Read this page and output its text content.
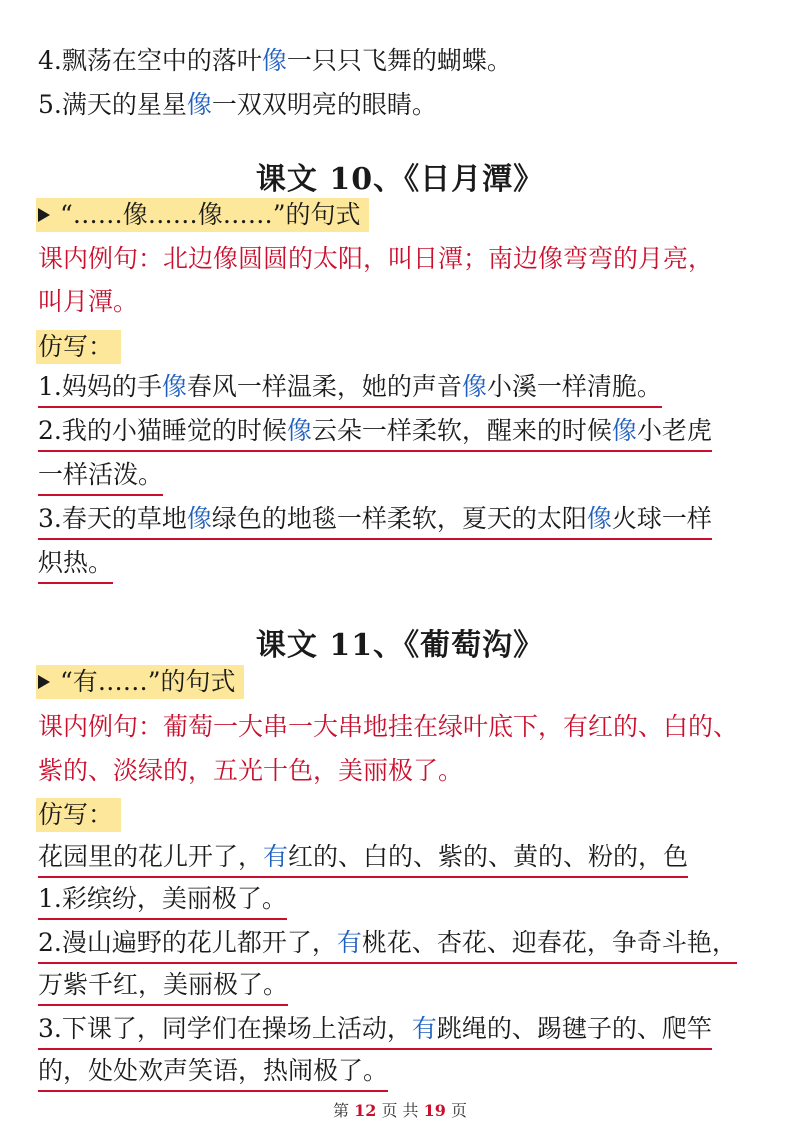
4.飘荡在空中的落叶像一只只飞舞的蝴蝶。
5.满天的星星像一双双明亮的眼睛。
课文 10、《日月潭》
“……像……像……”的句式
课内例句：北边像圆圆的太阳，叫日潭；南边像弯弯的月亮，
叫月潭。
仿写：
1.妈妈的手像春风一样温柔，她的声音像小溪一样清脆。
2.我的小猫睡觉的时候像云朵一样柔软，醒来的时候像小老虎
一样活泼。
3.春天的草地像绿色的地毯一样柔软，夏天的太阳像火球一样
炽热。
课文 11、《葡萄沟》
“有……”的句式
课内例句：葡萄一大串一大串地挂在绿叶底下，有红的、白的、
紫的、淡绿的，五光十色，美丽极了。
仿写：
花园里的花儿开了，有红的、白的、紫的、黄的、粉的，色
1.彩缤纷，美丽极了。
2.漫山遍野的花儿都开了，有桃花、杏花、迎春花，争奇斗艳，
万紫千红，美丽极了。
3.下课了，同学们在操场上活动，有跳绳的、踢毽子的、爬竿
的，处处欢声笑语，热闹极了。
第 12 页 共 19 页
